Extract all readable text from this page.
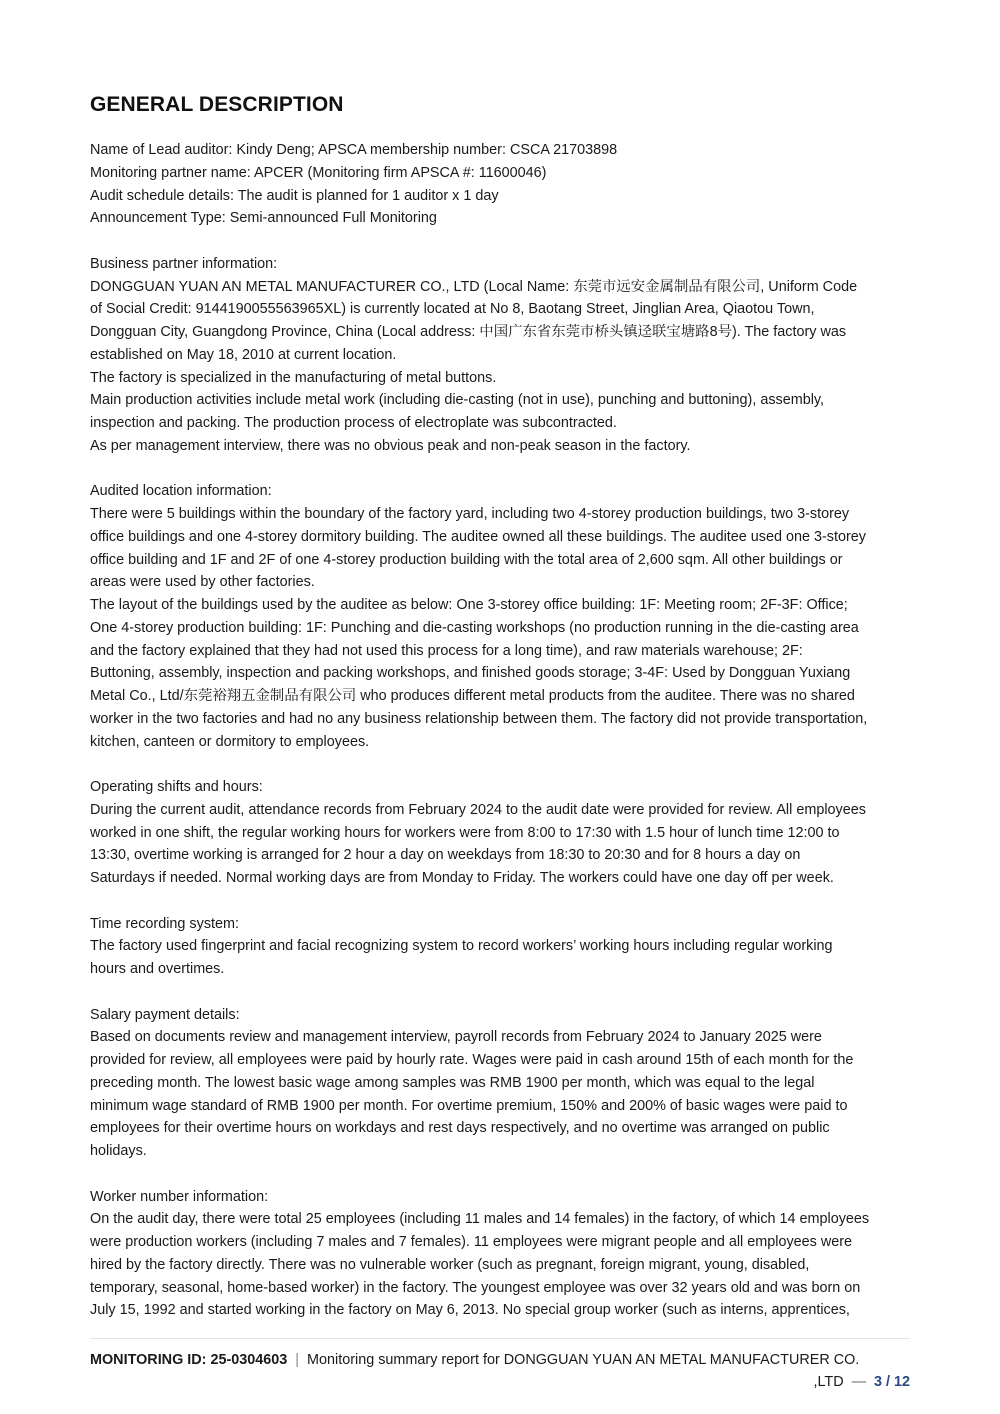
GENERAL DESCRIPTION
Name of Lead auditor: Kindy Deng; APSCA membership number: CSCA 21703898
Monitoring partner name: APCER (Monitoring firm APSCA #: 11600046)
Audit schedule details: The audit is planned for 1 auditor x 1 day
Announcement Type: Semi-announced Full Monitoring
Business partner information:
DONGGUAN YUAN AN METAL MANUFACTURER CO., LTD (Local Name: 东莞市远安金属制品有限公司, Uniform Code
of Social Credit: 9144190055563965XL) is currently located at No 8, Baotang Street, Jinglian Area, Qiaotou Town,
Dongguan City, Guangdong Province, China (Local address: 中国广东省东莞市桥头镇迳联宝塘路8号). The factory was
established on May 18, 2010 at current location.
The factory is specialized in the manufacturing of metal buttons.
Main production activities include metal work (including die-casting (not in use), punching and buttoning), assembly,
inspection and packing. The production process of electroplate was subcontracted.
As per management interview, there was no obvious peak and non-peak season in the factory.
Audited location information:
There were 5 buildings within the boundary of the factory yard, including two 4-storey production buildings, two 3-storey
office buildings and one 4-storey dormitory building. The auditee owned all these buildings. The auditee used one 3-storey
office building and 1F and 2F of one 4-storey production building with the total area of 2,600 sqm. All other buildings or
areas were used by other factories.
The layout of the buildings used by the auditee as below: One 3-storey office building: 1F: Meeting room; 2F-3F: Office;
One 4-storey production building: 1F: Punching and die-casting workshops (no production running in the die-casting area
and the factory explained that they had not used this process for a long time), and raw materials warehouse; 2F:
Buttoning, assembly, inspection and packing workshops, and finished goods storage; 3-4F: Used by Dongguan Yuxiang
Metal Co., Ltd/东莞裕翔五金制品有限公司 who produces different metal products from the auditee. There was no shared
worker in the two factories and had no any business relationship between them. The factory did not provide transportation,
kitchen, canteen or dormitory to employees.
Operating shifts and hours:
During the current audit, attendance records from February 2024 to the audit date were provided for review. All employees
worked in one shift, the regular working hours for workers were from 8:00 to 17:30 with 1.5 hour of lunch time 12:00 to
13:30, overtime working is arranged for 2 hour a day on weekdays from 18:30 to 20:30 and for 8 hours a day on
Saturdays if needed. Normal working days are from Monday to Friday. The workers could have one day off per week.
Time recording system:
The factory used fingerprint and facial recognizing system to record workers’ working hours including regular working
hours and overtimes.
Salary payment details:
Based on documents review and management interview, payroll records from February 2024 to January 2025 were
provided for review, all employees were paid by hourly rate. Wages were paid in cash around 15th of each month for the
preceding month. The lowest basic wage among samples was RMB 1900 per month, which was equal to the legal
minimum wage standard of RMB 1900 per month. For overtime premium, 150% and 200% of basic wages were paid to
employees for their overtime hours on workdays and rest days respectively, and no overtime was arranged on public
holidays.
Worker number information:
On the audit day, there were total 25 employees (including 11 males and 14 females) in the factory, of which 14 employees
were production workers (including 7 males and 7 females). 11 employees were migrant people and all employees were
hired by the factory directly. There was no vulnerable worker (such as pregnant, foreign migrant, young, disabled,
temporary, seasonal, home-based worker) in the factory. The youngest employee was over 32 years old and was born on
July 15, 1992 and started working in the factory on May 6, 2013. No special group worker (such as interns, apprentices,
MONITORING ID: 25-0304603 | Monitoring summary report for DONGGUAN YUAN AN METAL MANUFACTURER CO.
,LTD — 3 / 12
